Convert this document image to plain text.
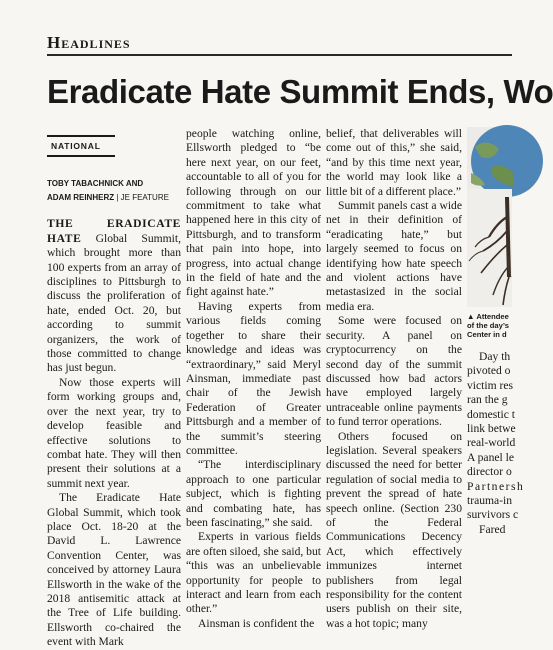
Headlines
Eradicate Hate Summit Ends, Wo
NATIONAL
TOBY TABACHNICK AND
ADAM REINHERZ | JE FEATURE

THE ERADICATE HATE Global Summit, which brought more than 100 experts from an array of disciplines to Pittsburgh to discuss the proliferation of hate, ended Oct. 20, but according to summit organizers, the work of those committed to change has just begun.

Now those experts will form working groups and, over the next year, try to develop feasible and effective solutions to combat hate. They will then present their solutions at a summit next year.

The Eradicate Hate Global Summit, which took place Oct. 18-20 at the David L. Lawrence Convention Center, was conceived by attorney Laura Ellsworth in the wake of the 2018 antisemitic attack at the Tree of Life building. Ellsworth co-chaired the event with Mark

people watching online, Ellsworth pledged to “be here next year, on our feet, accountable to all of you for following through on our commitment to take what happened here in this city of Pittsburgh, and to transform that pain into hope, into progress, into actual change in the field of hate and the fight against hate.”

Having experts from various fields coming together to share their knowledge and ideas was “extraordinary,” said Meryl Ainsman, immediate past chair of the Jewish Federation of Greater Pittsburgh and a member of the summit’s steering committee.

“The interdisciplinary approach to one particular subject, which is fighting and combating hate, has been fascinating,” she said.

Experts in various fields are often siloed, she said, but “this was an unbelievable opportunity for people to interact and learn from each other.”

Ainsman is confident the

belief, that deliverables will come out of this,” she said, “and by this time next year, the world may look like a little bit of a different place.”

Summit panels cast a wide net in their definition of “eradicating hate,” but largely seemed to focus on identifying how hate speech and violent actions have metastasized in the social media era.

Some were focused on security. A panel on cryptocurrency on the second day of the summit discussed how bad actors have employed largely untraceable online payments to fund terror operations.

Others focused on legislation. Several speakers discussed the need for better regulation of social media to prevent the spread of hate speech online. (Section 230 of the Federal Communications Decency Act, which effectively immunizes internet publishers from legal responsibility for the content users publish on their site, was a hot topic; many

▲ Attendee
of the day’s
Center in d
Day th
pivoted o
victim res
ran the g
domestic t
link betwe
real-world
A panel le
director o
Partnersh
trauma-in
survivors c
Fared
